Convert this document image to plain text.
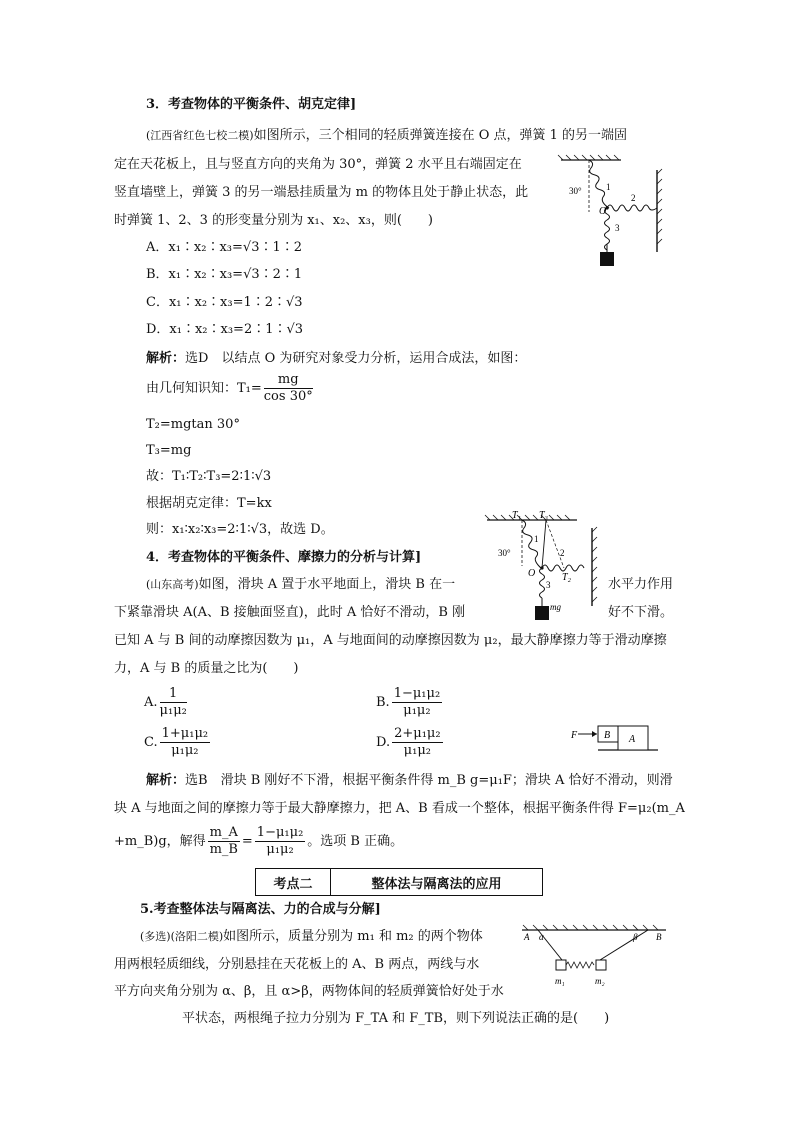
3．考查物体的平衡条件、胡克定律]
(江西省红色七校二模)如图所示，三个相同的轻质弹簧连接在 O 点，弹簧 1 的另一端固
定在天花板上，且与竖直方向的夹角为 30°，弹簧 2 水平且右端固定在
竖直墙壁上，弹簧 3 的另一端悬挂质量为 m 的物体且处于静止状态，此
时弹簧 1、2、3 的形变量分别为 x₁、x₂、x₃，则(　　)
A．x₁∶x₂∶x₃=√3∶1∶2
B．x₁∶x₂∶x₃=√3∶2∶1
C．x₁∶x₂∶x₃=1∶2∶√3
D．x₁∶x₂∶x₃=2∶1∶√3
解析：选D　以结点 O 为研究对象受力分析，运用合成法，如图：
由几何知识知：$T_1= \frac{mg}{\cos 30^\circ}$
T₂=mgtan 30°
T₃=mg
故：T₁∶T₂∶T₃=2∶1∶√3
根据胡克定律：T=kx
则：x₁∶x₂∶x₃=2∶1∶√3，故选 D。
30°
O
1
2
3
T₁ T₃
30°
1
2
O
3
T₂
mg
4．考查物体的平衡条件、摩擦力的分析与计算]
(山东高考)如图，滑块 A 置于水平地面上，滑块 B 在一	水平力作用
下紧靠滑块 A(A、B 接触面竖直)，此时 A 恰好不滑动，B 刚	好不下滑。
已知 A 与 B 间的动摩擦因数为 μ₁，A 与地面间的动摩擦因数为 μ₂，最大静摩擦力等于滑动摩擦
力，A 与 B 的质量之比为(　　)
A. $\frac{1}{\text{μ₁μ₂}}$	B. $\frac{\text{1−μ₁μ₂}}{\text{μ₁μ₂}}$
C. $\frac{\text{1+μ₁μ₂}}{\text{μ₁μ₂}}$	D. $\frac{\text{2+μ₁μ₂}}{\text{μ₁μ₂}}$	F	B A
解析：选B　滑块 B 刚好不下滑，根据平衡条件得 m_B g=μ₁F；滑块 A 恰好不滑动，则滑
块 A 与地面之间的摩擦力等于最大静摩擦力，把 A、B 看成一个整体，根据平衡条件得 F=μ₂(m_A
+m_B)g，解得 $\frac{m\_A}{m\_B} = \frac{\text{1−μ₁μ₂}}{\text{μ₁μ₂}}$ 。选项 B 正确。
考点二	整体法与隔离法的应用
5.考查整体法与隔离法、力的合成与分解]
(多选)(洛阳二模)如图所示，质量分别为 m₁ 和 m₂ 的两个物体
用两根轻质细线，分别悬挂在天花板上的 A、B 两点，两线与水
平方向夹角分别为 α、β，且 α>β，两物体间的轻质弹簧恰好处于水
平状态，两根绳子拉力分别为 F_TA 和 F_TB，则下列说法正确的是(　　)
A α	β B
m₁	m₂
